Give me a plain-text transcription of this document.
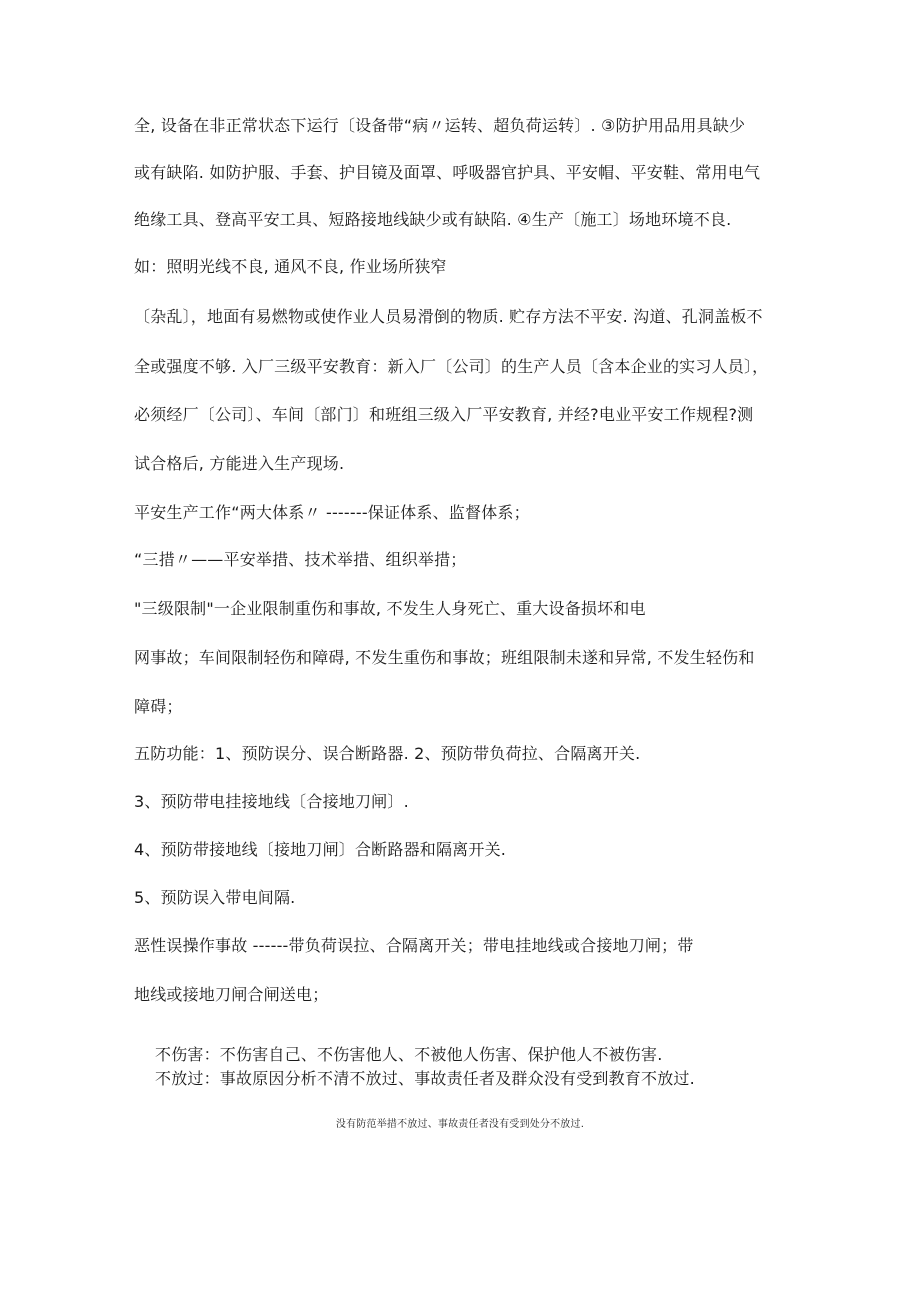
全, 设备在非正常状态下运行〔设备带“病〃运转、超负荷运转〕. ③防护用品用具缺少
或有缺陷. 如防护服、手套、护目镜及面罩、呼吸器官护具、平安帽、平安鞋、常用电气
绝缘工具、登高平安工具、短路接地线缺少或有缺陷. ④生产〔施工〕场地环境不良.
如：照明光线不良, 通风不良, 作业场所狭窄
〔杂乱〕，地面有易燃物或使作业人员易滑倒的物质. 贮存方法不平安. 沟道、孔洞盖板不
全或强度不够. 入厂三级平安教育：新入厂〔公司〕的生产人员〔含本企业的实习人员〕，
必须经厂〔公司〕、车间〔部门〕和班组三级入厂平安教育, 并经?电业平安工作规程?测
试合格后, 方能进入生产现场.
平安生产工作“两大体系〃 -------保证体系、监督体系；
“三措〃——平安举措、技术举措、组织举措；
"三级限制"一企业限制重伤和事故, 不发生人身死亡、重大设备损坏和电
网事故；车间限制轻伤和障碍, 不发生重伤和事故；班组限制未遂和异常, 不发生轻伤和
障碍；
五防功能：1、预防误分、误合断路器. 2、预防带负荷拉、合隔离开关.
3、预防带电挂接地线〔合接地刀闸〕.
4、预防带接地线〔接地刀闸〕合断路器和隔离开关.
5、预防误入带电间隔.
恶性误操作事故 ------带负荷误拉、合隔离开关；带电挂地线或合接地刀闸；带
地线或接地刀闸合闸送电；
不伤害：不伤害自己、不伤害他人、不被他人伤害、保护他人不被伤害.
不放过：事故原因分析不清不放过、事故责任者及群众没有受到教育不放过.
没有防范举措不放过、事故责任者没有受到处分不放过.
